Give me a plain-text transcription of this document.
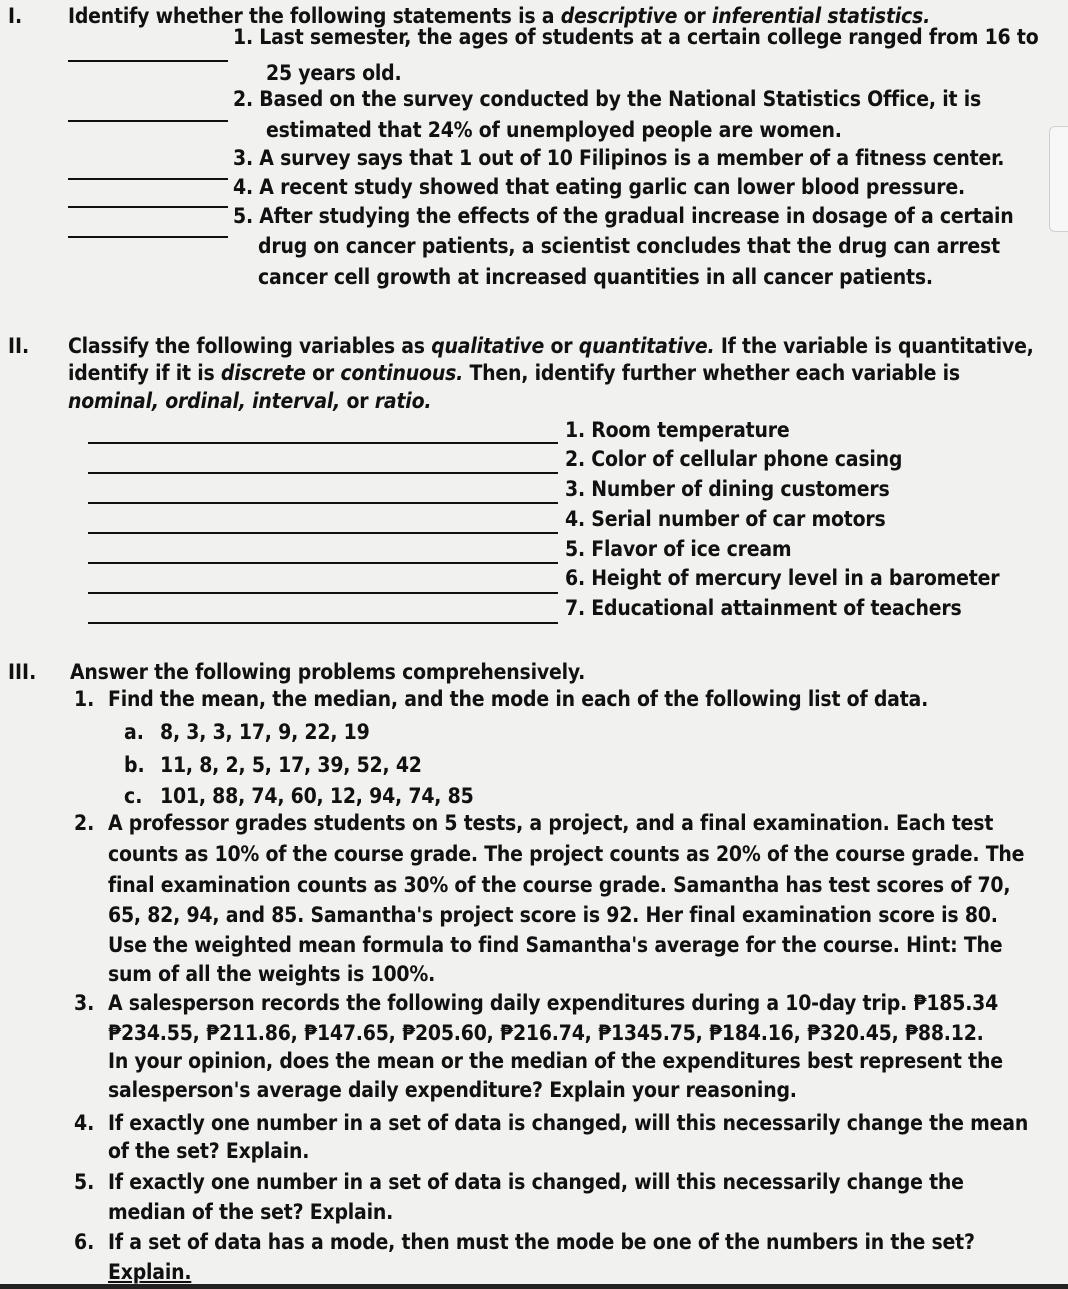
I. Identify whether the following statements is a descriptive or inferential statistics.
1. Last semester, the ages of students at a certain college ranged from 16 to
25 years old.
2. Based on the survey conducted by the National Statistics Office, it is
estimated that 24% of unemployed people are women.
3. A survey says that 1 out of 10 Filipinos is a member of a fitness center.
4. A recent study showed that eating garlic can lower blood pressure.
5. After studying the effects of the gradual increase in dosage of a certain
drug on cancer patients, a scientist concludes that the drug can arrest
cancer cell growth at increased quantities in all cancer patients.
II. Classify the following variables as qualitative or quantitative. If the variable is quantitative,
identify if it is discrete or continuous. Then, identify further whether each variable is
nominal, ordinal, interval, or ratio.
1. Room temperature
2. Color of cellular phone casing
3. Number of dining customers
4. Serial number of car motors
5. Flavor of ice cream
6. Height of mercury level in a barometer
7. Educational attainment of teachers
III. Answer the following problems comprehensively.
1. Find the mean, the median, and the mode in each of the following list of data.
a. 8, 3, 3, 17, 9, 22, 19
b. 11, 8, 2, 5, 17, 39, 52, 42
c. 101, 88, 74, 60, 12, 94, 74, 85
2. A professor grades students on 5 tests, a project, and a final examination. Each test
counts as 10% of the course grade. The project counts as 20% of the course grade. The
final examination counts as 30% of the course grade. Samantha has test scores of 70,
65, 82, 94, and 85. Samantha's project score is 92. Her final examination score is 80.
Use the weighted mean formula to find Samantha's average for the course. Hint: The
sum of all the weights is 100%.
3. A salesperson records the following daily expenditures during a 10-day trip. ₱185.34
₱234.55, ₱211.86, ₱147.65, ₱205.60, ₱216.74, ₱1345.75, ₱184.16, ₱320.45, ₱88.12.
In your opinion, does the mean or the median of the expenditures best represent the
salesperson's average daily expenditure? Explain your reasoning.
4. If exactly one number in a set of data is changed, will this necessarily change the mean
of the set? Explain.
5. If exactly one number in a set of data is changed, will this necessarily change the
median of the set? Explain.
6. If a set of data has a mode, then must the mode be one of the numbers in the set?
Explain.
